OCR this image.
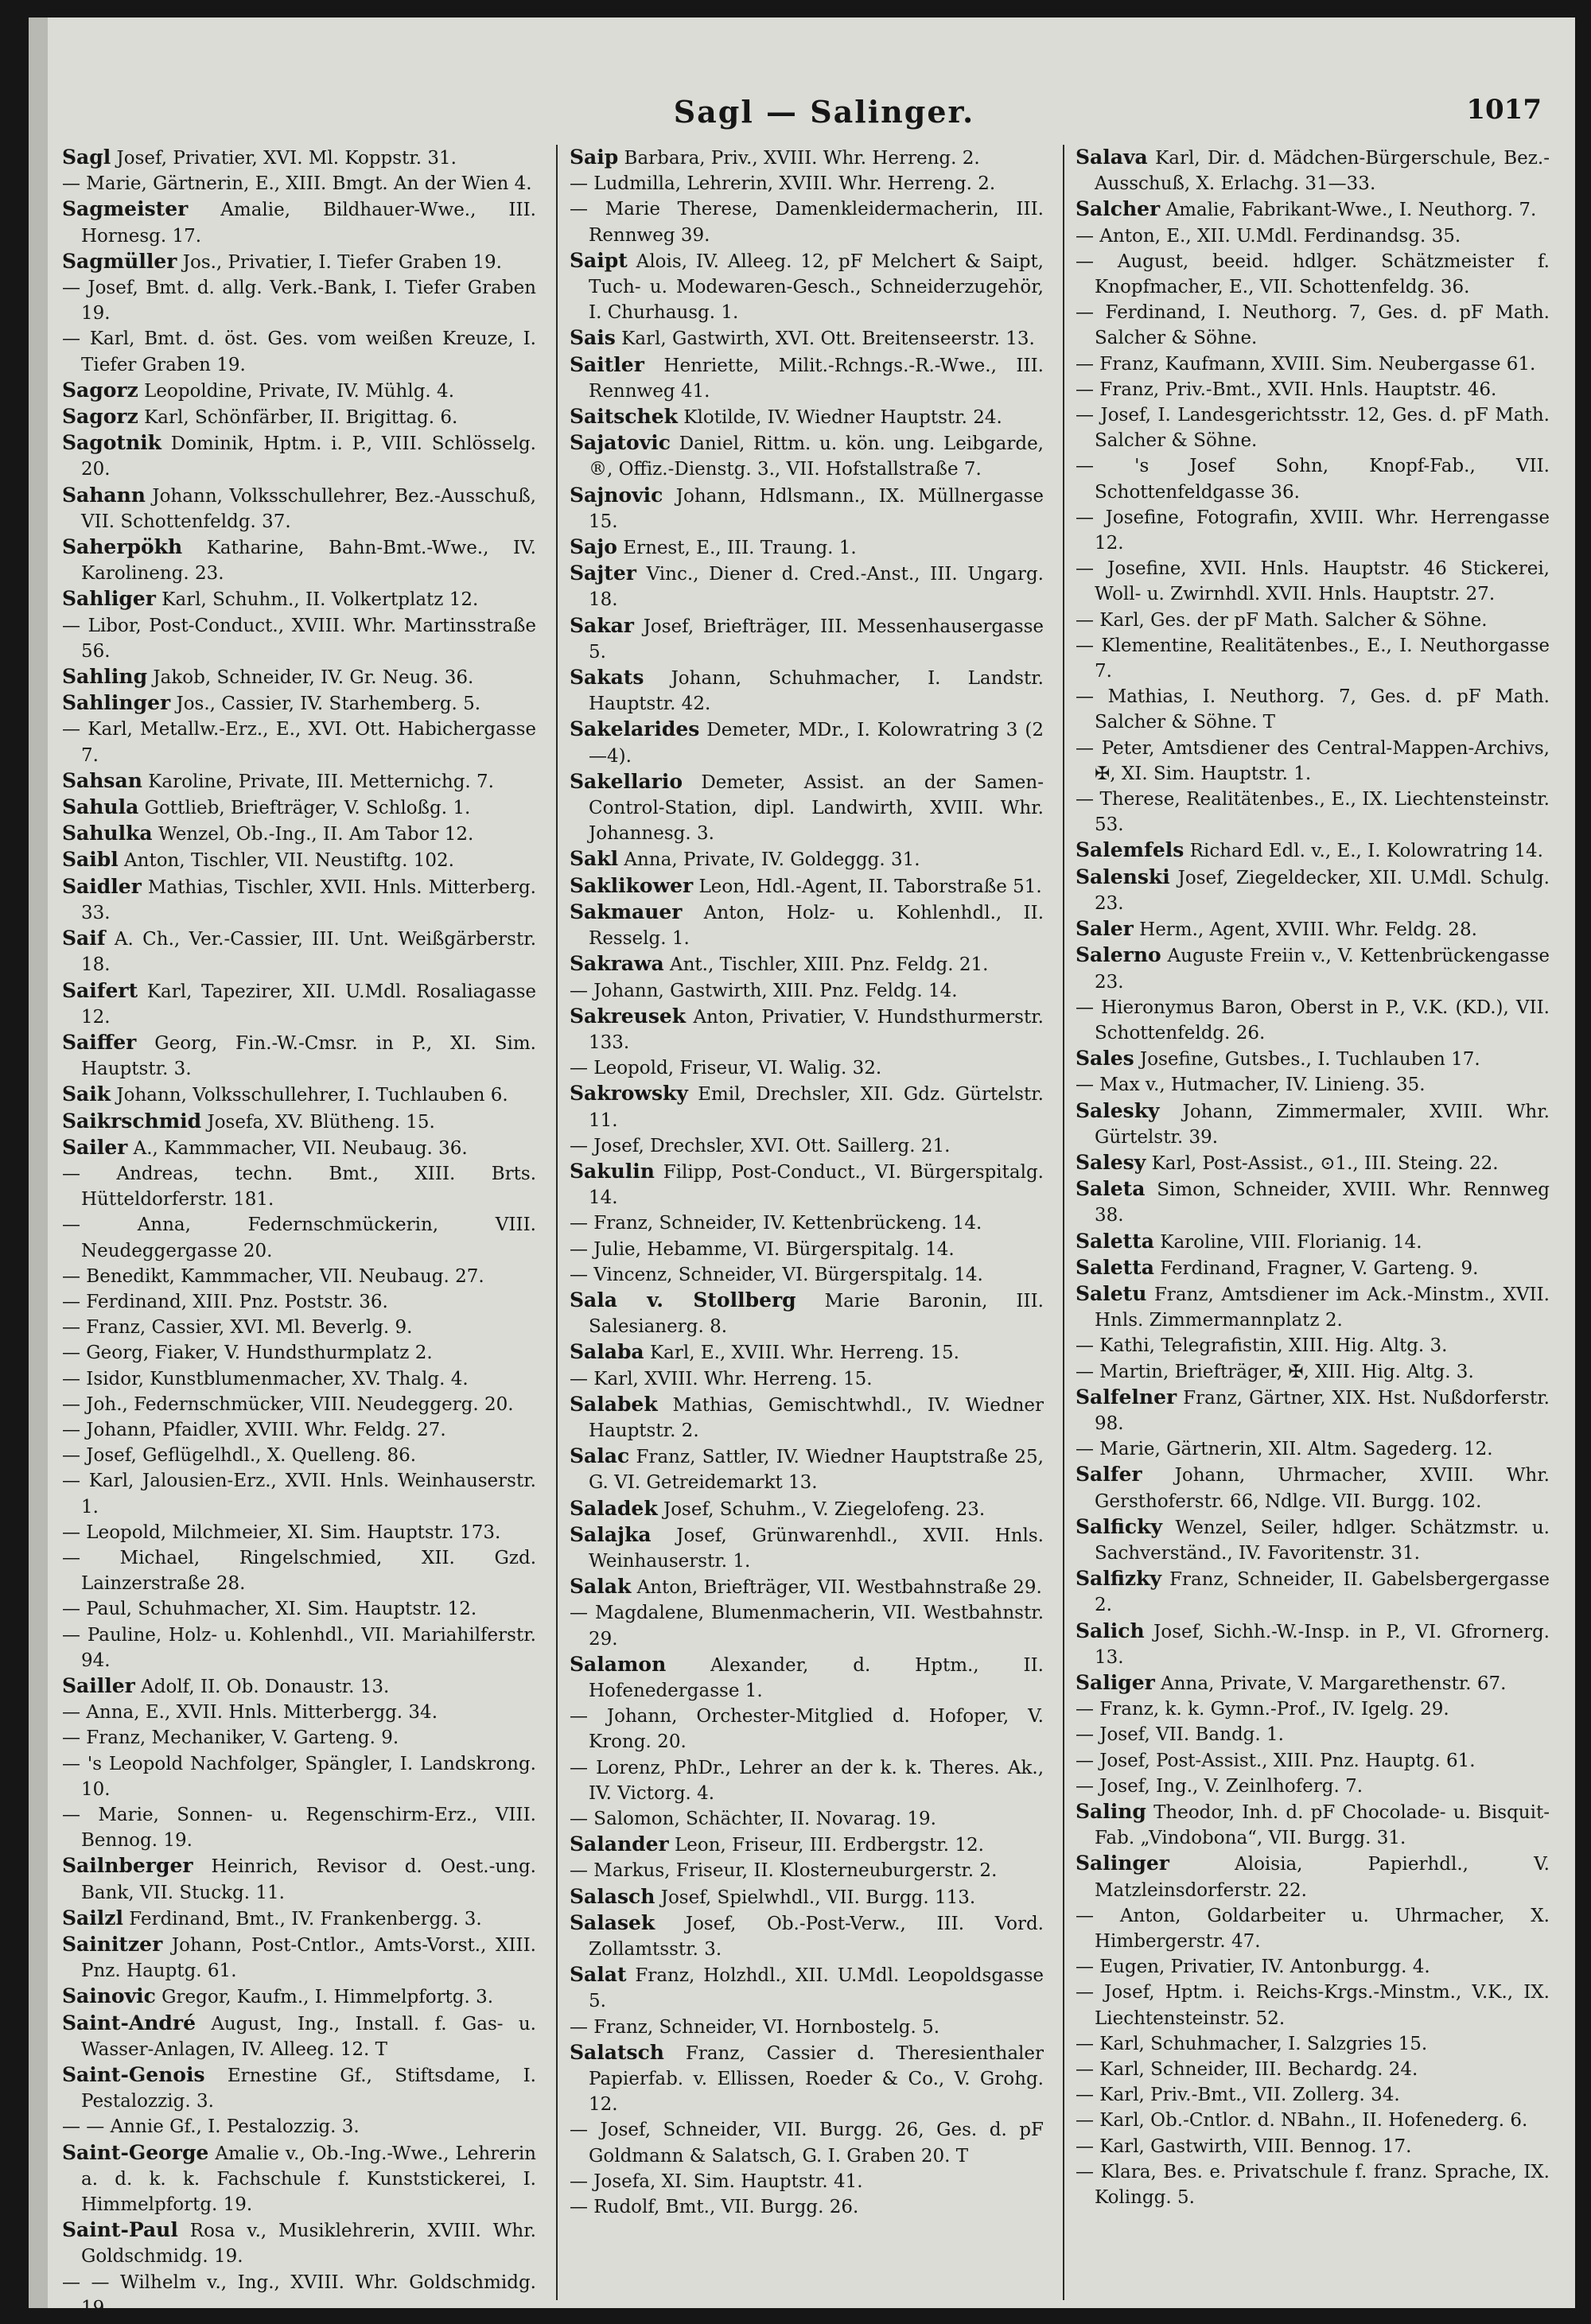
Sagl — Salinger.	1017

Sagl Josef, Privatier, XVI. Ml. Koppstr. 31.

— Marie, Gärtnerin, E., XIII. Bmgt. An der Wien 4.

Sagmeister Amalie, Bildhauer-Wwe., III. Hornesg. 17.

Sagmüller Jos., Privatier, I. Tiefer Graben 19.

— Josef, Bmt. d. allg. Verk.-Bank, I. Tiefer Graben 19.

— Karl, Bmt. d. öst. Ges. vom weißen Kreuze, I. Tiefer Graben 19.

Sagorz Leopoldine, Private, IV. Mühlg. 4.

Sagorz Karl, Schönfärber, II. Brigittag. 6.

Sagotnik Dominik, Hptm. i. P., VIII. Schlösselg. 20.

Sahann Johann, Volksschullehrer, Bez.-Ausschuß, VII. Schottenfeldg. 37.

Saherpökh Katharine, Bahn-Bmt.-Wwe., IV. Karolineng. 23.

Sahliger Karl, Schuhm., II. Volkertplatz 12.

— Libor, Post-Conduct., XVIII. Whr. Martinsstraße 56.

Sahling Jakob, Schneider, IV. Gr. Neug. 36.

Sahlinger Jos., Cassier, IV. Starhemberg. 5.

— Karl, Metallw.-Erz., E., XVI. Ott. Habichergasse 7.

Sahsan Karoline, Private, III. Metternichg. 7.

Sahula Gottlieb, Briefträger, V. Schloßg. 1.

Sahulka Wenzel, Ob.-Ing., II. Am Tabor 12.

Saibl Anton, Tischler, VII. Neustiftg. 102.

Saidler Mathias, Tischler, XVII. Hnls. Mitterberg. 33.

Saif A. Ch., Ver.-Cassier, III. Unt. Weißgärberstr. 18.

Saifert Karl, Tapezirer, XII. U.Mdl. Rosaliagasse 12.

Saiffer Georg, Fin.-W.-Cmsr. in P., XI. Sim. Hauptstr. 3.

Saik Johann, Volksschullehrer, I. Tuchlauben 6.

Saikrschmid Josefa, XV. Blütheng. 15.

Sailer A., Kammmacher, VII. Neubaug. 36.

— Andreas, techn. Bmt., XIII. Brts. Hütteldorferstr. 181.

— Anna, Federnschmückerin, VIII. Neudeggergasse 20.

— Benedikt, Kammmacher, VII. Neubaug. 27.

— Ferdinand, XIII. Pnz. Poststr. 36.

— Franz, Cassier, XVI. Ml. Beverlg. 9.

— Georg, Fiaker, V. Hundsthurmplatz 2.

— Isidor, Kunstblumenmacher, XV. Thalg. 4.

— Joh., Federnschmücker, VIII. Neudeggerg. 20.

— Johann, Pfaidler, XVIII. Whr. Feldg. 27.

— Josef, Geflügelhdl., X. Quelleng. 86.

— Karl, Jalousien-Erz., XVII. Hnls. Weinhauserstr. 1.

— Leopold, Milchmeier, XI. Sim. Hauptstr. 173.

— Michael, Ringelschmied, XII. Gzd. Lainzerstraße 28.

— Paul, Schuhmacher, XI. Sim. Hauptstr. 12.

— Pauline, Holz- u. Kohlenhdl., VII. Mariahilferstr. 94.

Sailler Adolf, II. Ob. Donaustr. 13.

— Anna, E., XVII. Hnls. Mitterbergg. 34.

— Franz, Mechaniker, V. Garteng. 9.

— 's Leopold Nachfolger, Spängler, I. Landskrong. 10.

— Marie, Sonnen- u. Regenschirm-Erz., VIII. Bennog. 19.

Sailnberger Heinrich, Revisor d. Oest.-ung. Bank, VII. Stuckg. 11.

Sailzl Ferdinand, Bmt., IV. Frankenbergg. 3.

Sainitzer Johann, Post-Cntlor., Amts-Vorst., XIII. Pnz. Hauptg. 61.

Sainovic Gregor, Kaufm., I. Himmelpfortg. 3.

Saint-André August, Ing., Install. f. Gas- u. Wasser-Anlagen, IV. Alleeg. 12. T

Saint-Genois Ernestine Gf., Stiftsdame, I. Pestalozzig. 3.

— — Annie Gf., I. Pestalozzig. 3.

Saint-George Amalie v., Ob.-Ing.-Wwe., Lehrerin a. d. k. k. Fachschule f. Kunststickerei, I. Himmelpfortg. 19.

Saint-Paul Rosa v., Musiklehrerin, XVIII. Whr. Goldschmidg. 19.

— — Wilhelm v., Ing., XVIII. Whr. Goldschmidg. 19.

Saip Barbara, Priv., XVIII. Whr. Herreng. 2.

— Ludmilla, Lehrerin, XVIII. Whr. Herreng. 2.

— Marie Therese, Damenkleidermacherin, III. Rennweg 39.

Saipt Alois, IV. Alleeg. 12, pF Melchert & Saipt, Tuch- u. Modewaren-Gesch., Schneiderzugehör, I. Churhausg. 1.

Sais Karl, Gastwirth, XVI. Ott. Breitenseerstr. 13.

Saitler Henriette, Milit.-Rchngs.-R.-Wwe., III. Rennweg 41.

Saitschek Klotilde, IV. Wiedner Hauptstr. 24.

Sajatovic Daniel, Rittm. u. kön. ung. Leibgarde, ®, Offiz.-Dienstg. 3., VII. Hofstallstraße 7.

Sajnovic Johann, Hdlsmann., IX. Müllnergasse 15.

Sajo Ernest, E., III. Traung. 1.

Sajter Vinc., Diener d. Cred.-Anst., III. Ungarg. 18.

Sakar Josef, Briefträger, III. Messenhausergasse 5.

Sakats Johann, Schuhmacher, I. Landstr. Hauptstr. 42.

Sakelarides Demeter, MDr., I. Kolowratring 3 (2—4).

Sakellario Demeter, Assist. an der Samen-Control-Station, dipl. Landwirth, XVIII. Whr. Johannesg. 3.

Sakl Anna, Private, IV. Goldeggg. 31.

Saklikower Leon, Hdl.-Agent, II. Taborstraße 51.

Sakmauer Anton, Holz- u. Kohlenhdl., II. Resselg. 1.

Sakrawa Ant., Tischler, XIII. Pnz. Feldg. 21.

— Johann, Gastwirth, XIII. Pnz. Feldg. 14.

Sakreusek Anton, Privatier, V. Hundsthurmerstr. 133.

— Leopold, Friseur, VI. Walig. 32.

Sakrowsky Emil, Drechsler, XII. Gdz. Gürtelstr. 11.

— Josef, Drechsler, XVI. Ott. Saillerg. 21.

Sakulin Filipp, Post-Conduct., VI. Bürgerspitalg. 14.

— Franz, Schneider, IV. Kettenbrückeng. 14.

— Julie, Hebamme, VI. Bürgerspitalg. 14.

— Vincenz, Schneider, VI. Bürgerspitalg. 14.

Sala v. Stollberg Marie Baronin, III. Salesianerg. 8.

Salaba Karl, E., XVIII. Whr. Herreng. 15.

— Karl, XVIII. Whr. Herreng. 15.

Salabek Mathias, Gemischtwhdl., IV. Wiedner Hauptstr. 2.

Salac Franz, Sattler, IV. Wiedner Hauptstraße 25, G. VI. Getreidemarkt 13.

Saladek Josef, Schuhm., V. Ziegelofeng. 23.

Salajka Josef, Grünwarenhdl., XVII. Hnls. Weinhauserstr. 1.

Salak Anton, Briefträger, VII. Westbahnstraße 29.

— Magdalene, Blumenmacherin, VII. Westbahnstr. 29.

Salamon Alexander, d. Hptm., II. Hofenedergasse 1.

— Johann, Orchester-Mitglied d. Hofoper, V. Krong. 20.

— Lorenz, PhDr., Lehrer an der k. k. Theres. Ak., IV. Victorg. 4.

— Salomon, Schächter, II. Novarag. 19.

Salander Leon, Friseur, III. Erdbergstr. 12.

— Markus, Friseur, II. Klosterneuburgerstr. 2.

Salasch Josef, Spielwhdl., VII. Burgg. 113.

Salasek Josef, Ob.-Post-Verw., III. Vord. Zollamtsstr. 3.

Salat Franz, Holzhdl., XII. U.Mdl. Leopoldsgasse 5.

— Franz, Schneider, VI. Hornbostelg. 5.

Salatsch Franz, Cassier d. Theresienthaler Papierfab. v. Ellissen, Roeder & Co., V. Grohg. 12.

— Josef, Schneider, VII. Burgg. 26, Ges. d. pF Goldmann & Salatsch, G. I. Graben 20. T

— Josefa, XI. Sim. Hauptstr. 41.

— Rudolf, Bmt., VII. Burgg. 26.

Salava Karl, Dir. d. Mädchen-Bürgerschule, Bez.-Ausschuß, X. Erlachg. 31—33.

Salcher Amalie, Fabrikant-Wwe., I. Neuthorg. 7.

— Anton, E., XII. U.Mdl. Ferdinandsg. 35.

— August, beeid. hdlger. Schätzmeister f. Knopfmacher, E., VII. Schottenfeldg. 36.

— Ferdinand, I. Neuthorg. 7, Ges. d. pF Math. Salcher & Söhne.

— Franz, Kaufmann, XVIII. Sim. Neubergasse 61.

— Franz, Priv.-Bmt., XVII. Hnls. Hauptstr. 46.

— Josef, I. Landesgerichtsstr. 12, Ges. d. pF Math. Salcher & Söhne.

— 's Josef Sohn, Knopf-Fab., VII. Schottenfeldgasse 36.

— Josefine, Fotografin, XVIII. Whr. Herrengasse 12.

— Josefine, XVII. Hnls. Hauptstr. 46 Stickerei, Woll- u. Zwirnhdl. XVII. Hnls. Hauptstr. 27.

— Karl, Ges. der pF Math. Salcher & Söhne.

— Klementine, Realitätenbes., E., I. Neuthorgasse 7.

— Mathias, I. Neuthorg. 7, Ges. d. pF Math. Salcher & Söhne. T

— Peter, Amtsdiener des Central-Mappen-Archivs, ✠, XI. Sim. Hauptstr. 1.

— Therese, Realitätenbes., E., IX. Liechtensteinstr. 53.

Salemfels Richard Edl. v., E., I. Kolowratring 14.

Salenski Josef, Ziegeldecker, XII. U.Mdl. Schulg. 23.

Saler Herm., Agent, XVIII. Whr. Feldg. 28.

Salerno Auguste Freiin v., V. Kettenbrückengasse 23.

— Hieronymus Baron, Oberst in P., V.K. (KD.), VII. Schottenfeldg. 26.

Sales Josefine, Gutsbes., I. Tuchlauben 17.

— Max v., Hutmacher, IV. Linieng. 35.

Salesky Johann, Zimmermaler, XVIII. Whr. Gürtelstr. 39.

Salesy Karl, Post-Assist., ⊙1., III. Steing. 22.

Saleta Simon, Schneider, XVIII. Whr. Rennweg 38.

Saletta Karoline, VIII. Florianig. 14.

Saletta Ferdinand, Fragner, V. Garteng. 9.

Saletu Franz, Amtsdiener im Ack.-Minstm., XVII. Hnls. Zimmermannplatz 2.

— Kathi, Telegrafistin, XIII. Hig. Altg. 3.

— Martin, Briefträger, ✠, XIII. Hig. Altg. 3.

Salfelner Franz, Gärtner, XIX. Hst. Nußdorferstr. 98.

— Marie, Gärtnerin, XII. Altm. Sagederg. 12.

Salfer Johann, Uhrmacher, XVIII. Whr. Gersthoferstr. 66, Ndlge. VII. Burgg. 102.

Salficky Wenzel, Seiler, hdlger. Schätzmstr. u. Sachverständ., IV. Favoritenstr. 31.

Salfizky Franz, Schneider, II. Gabelsbergergasse 2.

Salich Josef, Sichh.-W.-Insp. in P., VI. Gfrornerg. 13.

Saliger Anna, Private, V. Margarethenstr. 67.

— Franz, k. k. Gymn.-Prof., IV. Igelg. 29.

— Josef, VII. Bandg. 1.

— Josef, Post-Assist., XIII. Pnz. Hauptg. 61.

— Josef, Ing., V. Zeinlhoferg. 7.

Saling Theodor, Inh. d. pF Chocolade- u. Bisquit-Fab. „Vindobona“, VII. Burgg. 31.

Salinger Aloisia, Papierhdl., V. Matzleinsdorferstr. 22.

— Anton, Goldarbeiter u. Uhrmacher, X. Himbergerstr. 47.

— Eugen, Privatier, IV. Antonburgg. 4.

— Josef, Hptm. i. Reichs-Krgs.-Minstm., V.K., IX. Liechtensteinstr. 52.

— Karl, Schuhmacher, I. Salzgries 15.

— Karl, Schneider, III. Bechardg. 24.

— Karl, Priv.-Bmt., VII. Zollerg. 34.

— Karl, Ob.-Cntlor. d. NBahn., II. Hofenederg. 6.

— Karl, Gastwirth, VIII. Bennog. 17.

— Klara, Bes. e. Privatschule f. franz. Sprache, IX. Kolingg. 5.
